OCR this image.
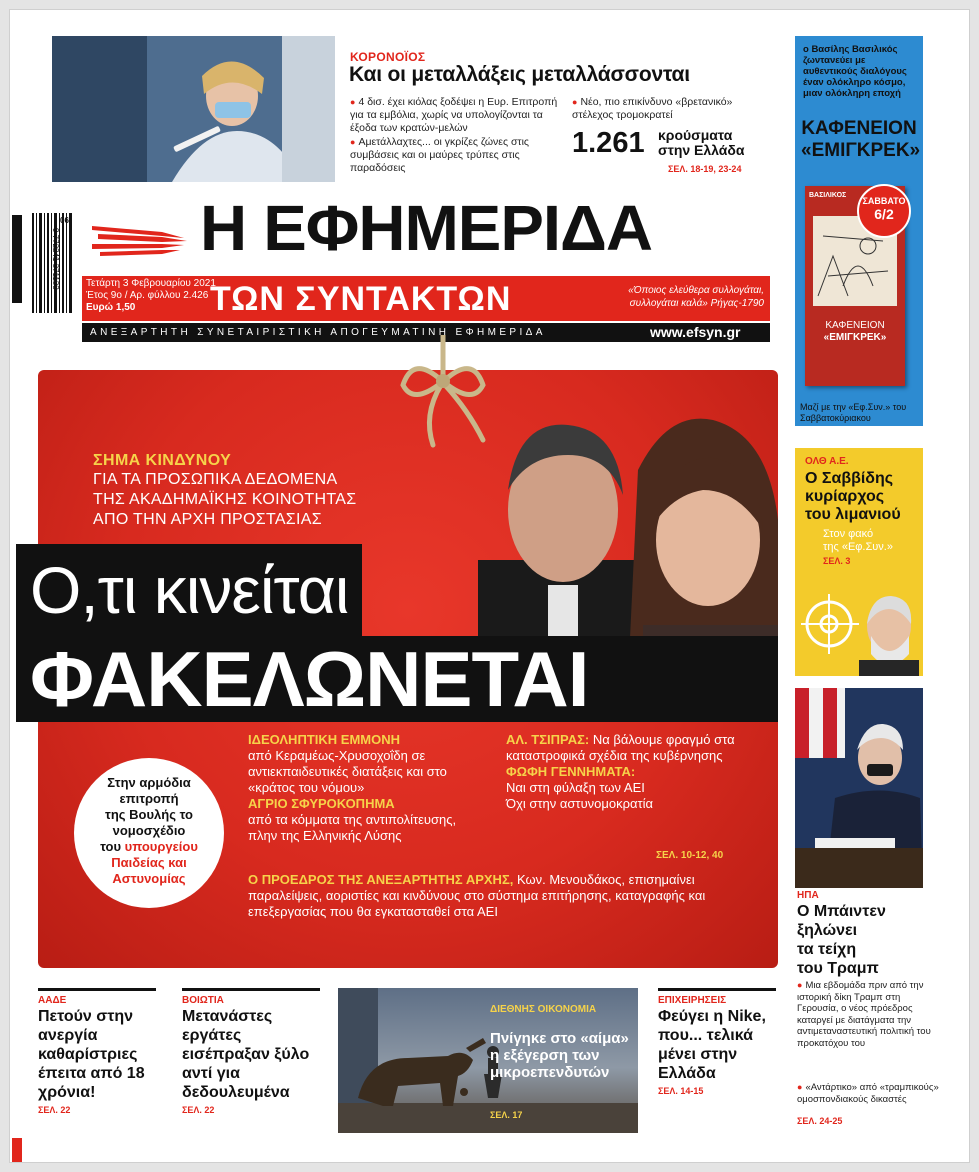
ΚΟΡΟΝΟΪΟΣ
Και οι μεταλλάξεις μεταλλάσσονται
● 4 δισ. έχει κιόλας ξοδέψει η Ευρ. Επιτροπή για τα εμβόλια, χωρίς να υπολογίζονται τα έξοδα των κρατών-μελών
● Αμετάλλαχτες... οι γκρίζες ζώνες στις συμβάσεις και οι μαύρες τρύπες στις παραδόσεις
● Νέο, πιο επικίνδυνο «βρετανικό» στέλεχος τρομοκρατεί
1.261 κρούσματα
στην Ελλάδα
ΣΕΛ. 18-19, 23-24
9 772241 371133
06 Η ΕΦΗΜΕΡΙΔΑ
Τετάρτη 3 Φεβρουαρίου 2021
Έτος 9ο / Αρ. φύλλου 2.426
Ευρώ 1,50	ΤΩΝ ΣΥΝΤΑΚΤΩΝ	«Όποιος ελεύθερα συλλογάται,
συλλογάται καλά» Ρήγας-1790
ΑΝΕΞΑΡΤΗΤΗ ΣΥΝΕΤΑΙΡΙΣΤΙΚΗ ΑΠΟΓΕΥΜΑΤΙΝΗ ΕΦΗΜΕΡΙΔΑ	www.efsyn.gr
ΣΗΜΑ ΚΙΝΔΥΝΟΥ
ΓΙΑ ΤΑ ΠΡΟΣΩΠΙΚΑ ΔΕΔΟΜΕΝΑ
ΤΗΣ ΑΚΑΔΗΜΑΪΚΗΣ ΚΟΙΝΟΤΗΤΑΣ
ΑΠΟ ΤΗΝ ΑΡΧΗ ΠΡΟΣΤΑΣΙΑΣ
Ο,τι κινείται
ΦΑΚΕΛΩΝΕΤΑΙ
Στην αρμόδια
επιτροπή
της Βουλής το
νομοσχέδιο
του υπουργείου
Παιδείας και
Αστυνομίας
ΙΔΕΟΛΗΠΤΙΚΗ ΕΜΜΟΝΗ
από Κεραμέως-Χρυσοχοΐδη σε αντιεκπαιδευτικές διατάξεις και στο «κράτος του νόμου»
ΑΓΡΙΟ ΣΦΥΡΟΚΟΠΗΜΑ
από τα κόμματα της αντιπολίτευσης, πλην της Ελληνικής Λύσης
ΑΛ. ΤΣΙΠΡΑΣ: Να βάλουμε φραγμό στα καταστροφικά σχέδια της κυβέρνησης
ΦΩΦΗ ΓΕΝΝΗΜΑΤΑ:
Ναι στη φύλαξη των ΑΕΙ
Όχι στην αστυνομοκρατία
ΣΕΛ. 10-12, 40
Ο ΠΡΟΕΔΡΟΣ ΤΗΣ ΑΝΕΞΑΡΤΗΤΗΣ ΑΡΧΗΣ, Κων. Μενουδάκος, επισημαίνει παραλείψεις, αοριστίες και κινδύνους στο σύστημα επιτήρησης, καταγραφής και επεξεργασίας που θα εγκατασταθεί στα ΑΕΙ
ο Βασίλης Βασιλικός ζωντανεύει με αυθεντικούς διαλόγους έναν ολόκληρο κόσμο, μιαν ολόκληρη εποχή
ΚΑΦΕΝΕΙΟΝ
«ΕΜΙΓΚΡΕΚ»
ΒΑΣΙΛΙΚΟΣ
ΚΑΦΕΝΕΙΟΝ
«ΕΜΙΓΚΡΕΚ»
ΣΑΒΒΑΤΟ
6/2
Μαζί με την «Εφ.Συν.» του Σαββατοκύριακου
ΟΛΘ Α.Ε.
Ο Σαββίδης
κυρίαρχος
του λιμανιού
Στον φακό
της «Εφ.Συν.»
ΣΕΛ. 3
ΗΠΑ
Ο Μπάιντεν
ξηλώνει
τα τείχη
του Τραμπ
● Μια εβδομάδα πριν από την ιστορική δίκη Τραμπ στη Γερουσία, ο νέος πρόεδρος καταργεί με διατάγματα την αντιμεταναστευτική πολιτική του προκατόχου του
● «Αντάρτικο» από «τραμπικούς» ομοσπονδιακούς δικαστές
ΣΕΛ. 24-25
ΑΑΔΕ
Πετούν στην ανεργία καθαρίστριες έπειτα από 18 χρόνια!
ΣΕΛ. 22
ΒΟΙΩΤΙΑ
Μετανάστες εργάτες εισέπραξαν ξύλο αντί για δεδουλευμένα
ΣΕΛ. 22
ΔΙΕΘΝΗΣ ΟΙΚΟΝΟΜΙΑ
Πνίγηκε στο «αίμα» η εξέγερση των μικροεπενδυτών
ΣΕΛ. 17
ΕΠΙΧΕΙΡΗΣΕΙΣ
Φεύγει η Nike, που... τελικά μένει στην Ελλάδα
ΣΕΛ. 14-15
